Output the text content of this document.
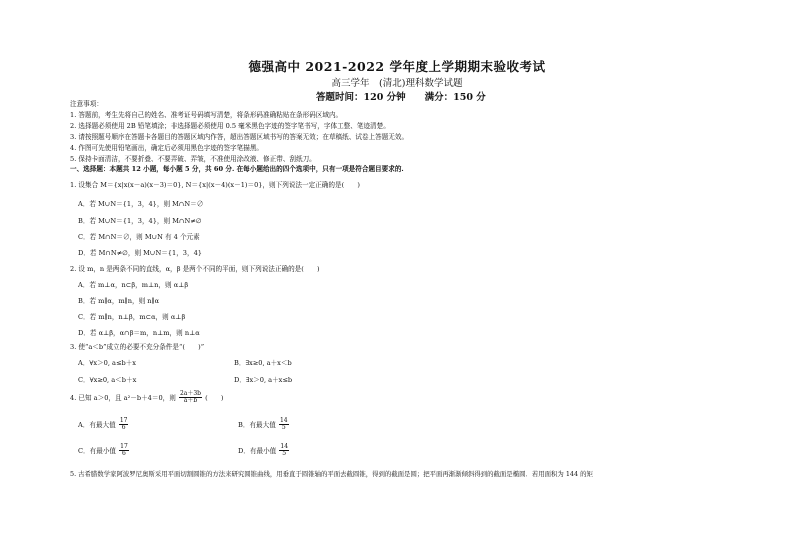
德强高中 2021-2022 学年度上学期期末验收考试
高三学年　(清北)理科数学试题
答题时间：120 分钟　　满分：150 分
注意事项：
1. 答题前，考生先将自己的姓名、准考证号码填写清楚，将条形码准确粘贴在条形码区域内。
2. 选择题必须使用 2B 铅笔填涂；非选择题必须使用 0.5 毫米黑色字迹的签字笔书写，字体工整、笔迹清楚。
3. 请按照题号顺序在答题卡各题目的答题区域内作答，超出答题区域书写的答案无效；在草稿纸、试卷上答题无效。
4. 作图可先使用铅笔画出，确定后必须用黑色字迹的签字笔描黑。
5. 保持卡面清洁，不要折叠、不要弄破、弄皱，不准使用涂改液、修正带、刮纸刀。
一、选择题：本题共 12 小题，每小题 5 分，共 60 分. 在每小题给出的四个选项中，只有一项是符合题目要求的.
1. 设集合 M＝{x|x(x－a)(x－3)＝0}, N＝{x|(x－4)(x－1)＝0}，则下列说法一定正确的是(　　)
A．若 M∪N＝{1，3，4}，则 M∩N＝∅
B．若 M∪N＝{1，3，4}，则 M∩N≠∅
C．若 M∩N＝∅，则 M∪N 有 4 个元素
D．若 M∩N≠∅，则 M∪N＝{1，3，4}
2. 设 m，n 是两条不同的直线，α，β 是两个不同的平面，则下列说法正确的是(　　)
A．若 m⊥α，n⊂β，m⊥n，则 α⊥β
B．若 m∥α，m∥n，则 n∥α
C．若 m∥n，n⊥β，m⊂α，则 α⊥β
D．若 α⊥β，α∩β＝m，n⊥m，则 n⊥α
3. 使“a＜b”成立的必要不充分条件是“(　　)”
A．∀x＞0, a≤b＋x	B．∃x≥0, a＋x＜b
C．∀x≥0, a＜b＋x	D．∃x＞0, a＋x≤b
4. 已知 a＞0，且 a²－b＋4＝0，则 $\frac{2a+3b}{a+b}$ (　　)
A．有最大值 $\frac{17}{6}$	B．有最大值 $\frac{14}{5}$
C．有最小值 $\frac{17}{6}$	D．有最小值 $\frac{14}{5}$
5. 古希腊数学家阿波罗尼奥斯采用平面切割圆锥的方法来研究圆锥曲线，用垂直于圆锥轴的平面去截圆锥，得到的截面是圆；把平面再渐渐倾斜得到的截面是椭圆．若用面积为 144 的矩
